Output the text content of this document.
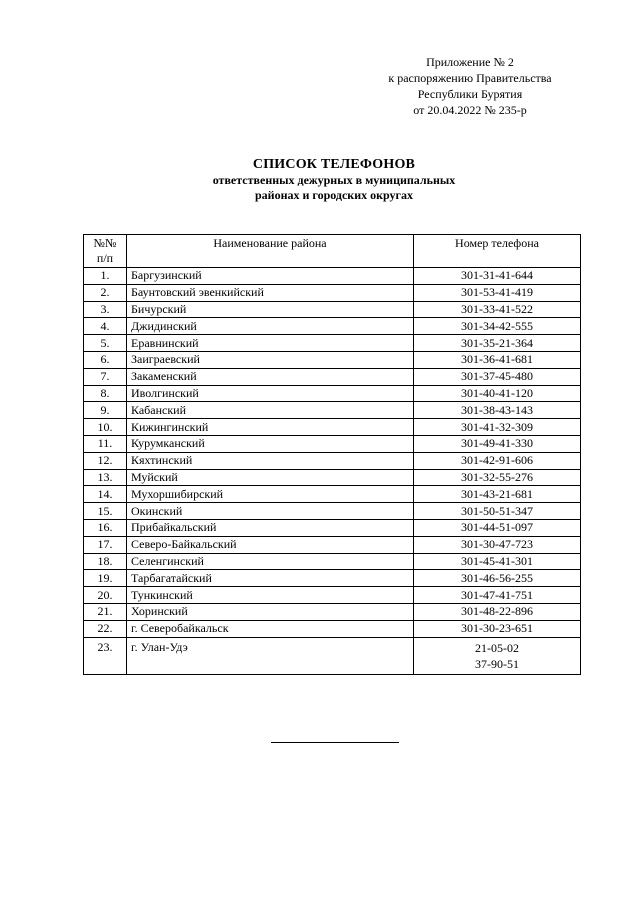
Приложение № 2
к распоряжению Правительства
Республики Бурятия
от 20.04.2022 № 235-р
СПИСОК ТЕЛЕФОНОВ
ответственных дежурных в муниципальных
районах и городских округах
№№
п/п	Наименование района	Номер телефона
1.	Баргузинский	301-31-41-644
2.	Баунтовский эвенкийский	301-53-41-419
3.	Бичурский	301-33-41-522
4.	Джидинский	301-34-42-555
5.	Еравнинский	301-35-21-364
6.	Заиграевский	301-36-41-681
7.	Закаменский	301-37-45-480
8.	Иволгинский	301-40-41-120
9.	Кабанский	301-38-43-143
10.	Кижингинский	301-41-32-309
11.	Курумканский	301-49-41-330
12.	Кяхтинский	301-42-91-606
13.	Муйский	301-32-55-276
14.	Мухоршибирский	301-43-21-681
15.	Окинский	301-50-51-347
16.	Прибайкальский	301-44-51-097
17.	Северо-Байкальский	301-30-47-723
18.	Селенгинский	301-45-41-301
19.	Тарбагатайский	301-46-56-255
20.	Тункинский	301-47-41-751
21.	Хоринский	301-48-22-896
22.	г. Северобайкальск	301-30-23-651
23.	г. Улан-Удэ	21-05-02
37-90-51
